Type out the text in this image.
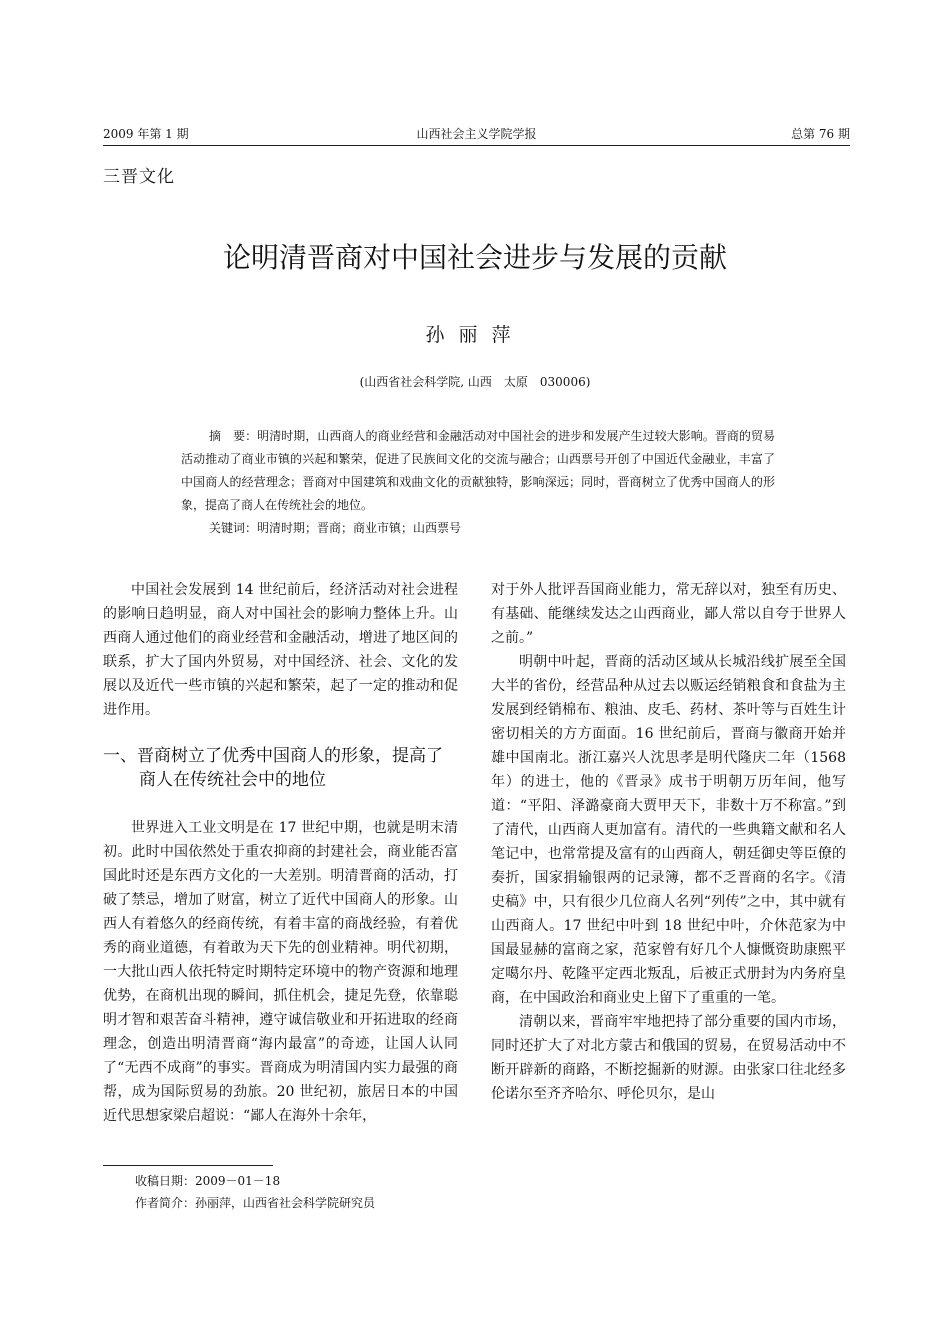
2009 年第 1 期	山西社会主义学院学报	总第 76 期
三晋文化
论明清晋商对中国社会进步与发展的贡献
孙丽萍
(山西省社会科学院, 山西　太原　030006)

摘　要：明清时期，山西商人的商业经营和金融活动对中国社会的进步和发展产生过较大影响。晋商的贸易活动推动了商业市镇的兴起和繁荣，促进了民族间文化的交流与融合；山西票号开创了中国近代金融业，丰富了中国商人的经营理念；晋商对中国建筑和戏曲文化的贡献独特，影响深远；同时，晋商树立了优秀中国商人的形象，提高了商人在传统社会的地位。

关键词：明清时期；晋商；商业市镇；山西票号

中国社会发展到 14 世纪前后，经济活动对社会进程的影响日趋明显，商人对中国社会的影响力整体上升。山西商人通过他们的商业经营和金融活动，增进了地区间的联系，扩大了国内外贸易，对中国经济、社会、文化的发展以及近代一些市镇的兴起和繁荣，起了一定的推动和促进作用。

一、晋商树立了优秀中国商人的形象，提高了商人在传统社会中的地位

世界进入工业文明是在 17 世纪中期，也就是明末清初。此时中国依然处于重农抑商的封建社会，商业能否富国此时还是东西方文化的一大差别。明清晋商的活动，打破了禁忌，增加了财富，树立了近代中国商人的形象。山西人有着悠久的经商传统，有着丰富的商战经验，有着优秀的商业道德，有着敢为天下先的创业精神。明代初期，一大批山西人依托特定时期特定环境中的物产资源和地理优势，在商机出现的瞬间，抓住机会，捷足先登，依靠聪明才智和艰苦奋斗精神，遵守诚信敬业和开拓进取的经商理念，创造出明清晋商“海内最富”的奇迹，让国人认同了“无西不成商”的事实。晋商成为明清国内实力最强的商帮，成为国际贸易的劲旅。20 世纪初，旅居日本的中国近代思想家梁启超说：“鄙人在海外十余年，

对于外人批评吾国商业能力，常无辞以对，独至有历史、有基础、能继续发达之山西商业，鄙人常以自夸于世界人之前。”

明朝中叶起，晋商的活动区域从长城沿线扩展至全国大半的省份，经营品种从过去以贩运经销粮食和食盐为主发展到经销棉布、粮油、皮毛、药材、茶叶等与百姓生计密切相关的方方面面。16 世纪前后，晋商与徽商开始并雄中国南北。浙江嘉兴人沈思孝是明代隆庆二年（1568 年）的进士，他的《晋录》成书于明朝万历年间，他写道：“平阳、泽潞豪商大贾甲天下，非数十万不称富。”到了清代，山西商人更加富有。清代的一些典籍文献和名人笔记中，也常常提及富有的山西商人，朝廷御史等臣僚的奏折，国家捐输银两的记录簿，都不乏晋商的名字。《清史稿》中，只有很少几位商人名列“列传”之中，其中就有山西商人。17 世纪中叶到 18 世纪中叶，介休范家为中国最显赫的富商之家，范家曾有好几个人慷慨资助康熙平定噶尔丹、乾隆平定西北叛乱，后被正式册封为内务府皇商，在中国政治和商业史上留下了重重的一笔。

清朝以来，晋商牢牢地把持了部分重要的国内市场，同时还扩大了对北方蒙古和俄国的贸易，在贸易活动中不断开辟新的商路，不断挖掘新的财源。由张家口往北经多伦诺尔至齐齐哈尔、呼伦贝尔，是山

收稿日期：2009－01－18
作者简介：孙丽萍，山西省社会科学院研究员
